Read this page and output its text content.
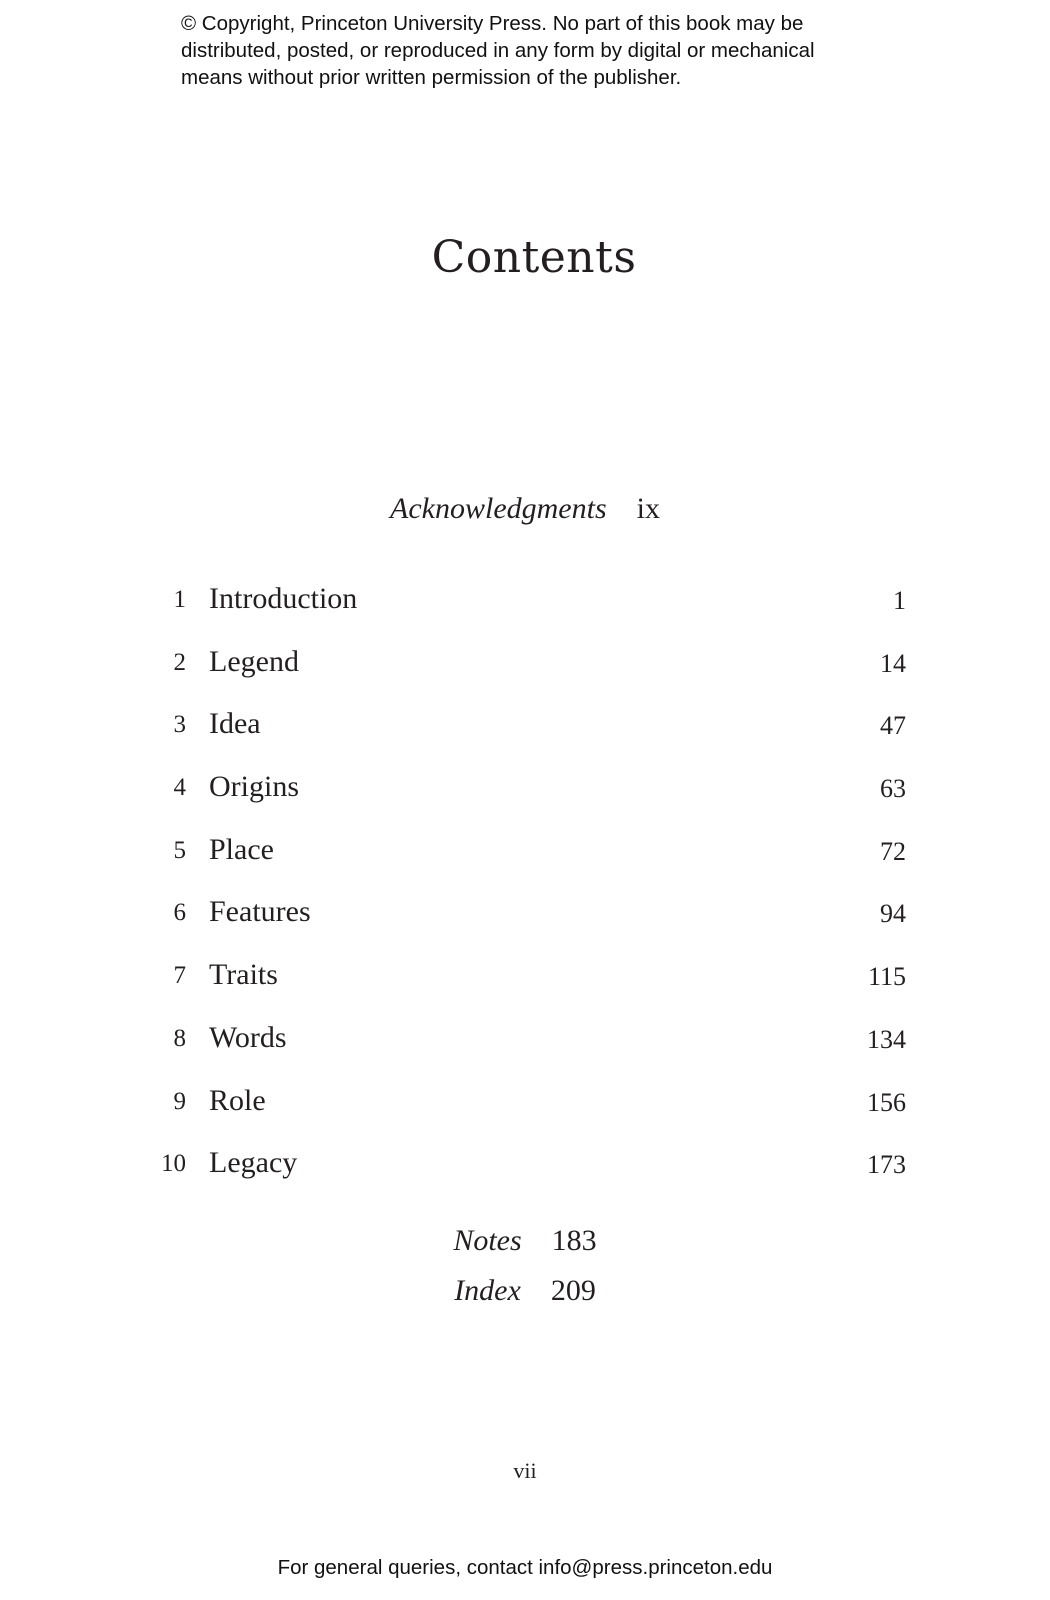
© Copyright, Princeton University Press. No part of this book may be
distributed, posted, or reproduced in any form by digital or mechanical
means without prior written permission of the publisher.
Contents
Acknowledgments ix
1 Introduction	1
2 Legend	14
3 Idea	47
4 Origins	63
5 Place	72
6 Features	94
7 Traits	115
8 Words	134
9 Role	156
10 Legacy	173
Notes 183
Index 209
vii
For general queries, contact info@press.princeton.edu
